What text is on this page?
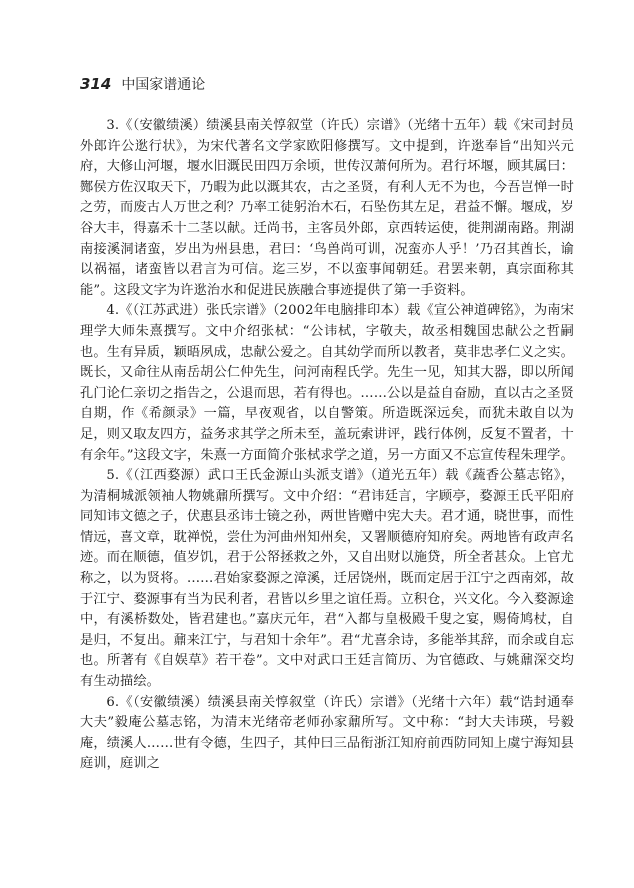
314 中国家谱通论

3.《（安徽绩溪）绩溪县南关惇叙堂（许氏）宗谱》（光绪十五年）载《宋司封员外郎许公逖行状》，为宋代著名文学家欧阳修撰写。文中提到，许逖奉旨“出知兴元府，大修山河堰，堰水旧溉民田四万余顷，世传汉萧何所为。君行坏堰，顾其属曰：酂侯方佐汉取天下，乃暇为此以溉其农，古之圣贤，有利人无不为也，今吾岂惮一时之劳，而废古人万世之利？乃率工徒躬治木石，石坠伤其左足，君益不懈。堰成，岁谷大丰，得嘉禾十二茎以献。迁尚书，主客员外郎，京西转运使，徙荆湖南路。荆湖南接溪洞诸蛮，岁出为州县患，君曰：‘鸟兽尚可训，况蛮亦人乎！’乃召其酋长，谕以祸福，诸蛮皆以君言为可信。迄三岁，不以蛮事闻朝廷。君罢来朝，真宗面称其能”。这段文字为许逖治水和促进民族融合事迹提供了第一手资料。

4.《（江苏武进）张氏宗谱》（2002年电脑排印本）载《宣公神道碑铭》，为南宋理学大师朱熹撰写。文中介绍张栻：“公讳栻，字敬夫，故丞相魏国忠献公之哲嗣也。生有异质，颖晤夙成，忠献公爱之。自其幼学而所以教者，莫非忠孝仁义之实。既长，又命往从南岳胡公仁仲先生，问河南程氏学。先生一见，知其大器，即以所闻孔门论仁亲切之指告之，公退而思，若有得也。……公以是益自奋励，直以古之圣贤自期，作《希颜录》一篇，早夜观省，以自警策。所造既深远矣，而犹未敢自以为足，则又取友四方，益务求其学之所未至，盖玩索讲评，践行体例，反复不置者，十有余年。”这段文字，朱熹一方面简介张栻求学之道，另一方面又不忘宣传程朱理学。

5.《（江西婺源）武口王氏金源山头派支谱》（道光五年）载《蔬香公墓志铭》，为清桐城派领袖人物姚鼐所撰写。文中介绍：“君讳廷言，字顾亭，婺源王氏平阳府同知讳文德之子，伏惠县丞讳士镜之孙，两世皆赠中宪大夫。君才通，晓世事，而性情远，喜文章，耽禅悦，尝仕为河曲州知州矣，又署顺德府知府矣。两地皆有政声名迹。而在顺德，值岁饥，君于公帑拯救之外，又自出财以施贷，所全者甚众。上官尤称之，以为贤将。……君始家婺源之漳溪，迁居饶州，既而定居于江宁之西南郊，故于江宁、婺源事有当为民利者，君皆以乡里之谊任焉。立积仓，兴文化。今入婺源途中，有溪桥数处，皆君建也。”嘉庆元年，君“入都与皇极殿千叟之宴，赐倚鸠杖，自是归，不复出。鼐来江宁，与君知十余年”。君“尤喜余诗，多能举其辞，而余或自忘也。所著有《自娱草》若干卷”。文中对武口王廷言简历、为官德政、与姚鼐深交均有生动描绘。

6.《（安徽绩溪）绩溪县南关惇叙堂（许氏）宗谱》（光绪十六年）载“诰封通奉大夫”毅庵公墓志铭，为清末光绪帝老师孙家鼐所写。文中称：“封大夫讳瑛，号毅庵，绩溪人……世有令德，生四子，其仲曰三品衔浙江知府前西防同知上虞宁海知县庭训，庭训之
